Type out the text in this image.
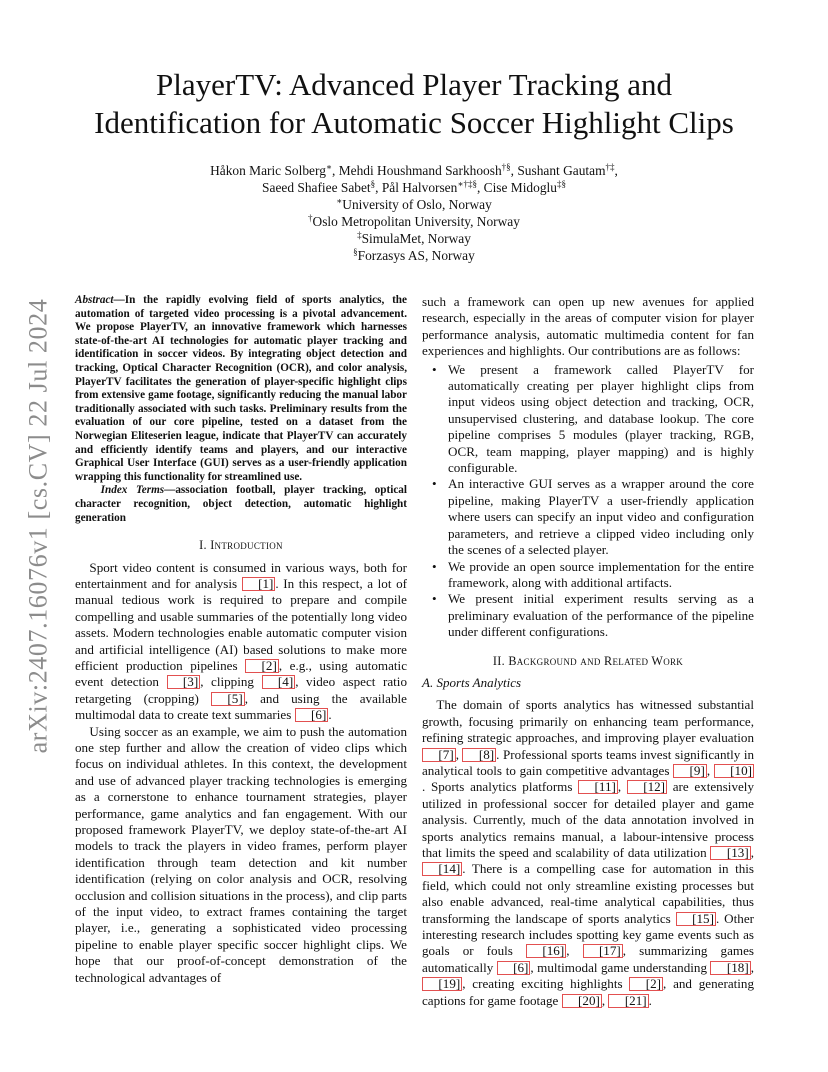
arXiv:2407.16076v1 [cs.CV] 22 Jul 2024
PlayerTV: Advanced Player Tracking and
Identification for Automatic Soccer Highlight Clips
Håkon Maric Solberg∗, Mehdi Houshmand Sarkhoosh†§, Sushant Gautam†‡,
Saeed Shafiee Sabet§, Pål Halvorsen∗†‡§, Cise Midoglu‡§
∗University of Oslo, Norway
†Oslo Metropolitan University, Norway
‡SimulaMet, Norway
§Forzasys AS, Norway

Abstract—In the rapidly evolving field of sports analytics, the automation of targeted video processing is a pivotal advancement. We propose PlayerTV, an innovative framework which harnesses state-of-the-art AI technologies for automatic player tracking and identification in soccer videos. By integrating object detection and tracking, Optical Character Recognition (OCR), and color analysis, PlayerTV facilitates the generation of player-specific highlight clips from extensive game footage, significantly reducing the manual labor traditionally associated with such tasks. Preliminary results from the evaluation of our core pipeline, tested on a dataset from the Norwegian Eliteserien league, indicate that PlayerTV can accurately and efficiently identify teams and players, and our interactive Graphical User Interface (GUI) serves as a user-friendly application wrapping this functionality for streamlined use.

Index Terms—association football, player tracking, optical character recognition, object detection, automatic highlight generation

I. Introduction

Sport video content is consumed in various ways, both for entertainment and for analysis [1] . In this respect, a lot of manual tedious work is required to prepare and compile compelling and usable summaries of the potentially long video assets. Modern technologies enable automatic computer vision and artificial intelligence (AI) based solutions to make more efficient production pipelines [2] , e.g., using automatic event detection [3] , clipping [4] , video aspect ratio retargeting (cropping) [5] , and using the available multimodal data to create text summaries [6] .

Using soccer as an example, we aim to push the automation one step further and allow the creation of video clips which focus on individual athletes. In this context, the development and use of advanced player tracking technologies is emerging as a cornerstone to enhance tournament strategies, player performance, game analytics and fan engagement. With our proposed framework PlayerTV, we deploy state-of-the-art AI models to track the players in video frames, perform player identification through team detection and kit number identification (relying on color analysis and OCR, resolving occlusion and collision situations in the process), and clip parts of the input video, to extract frames containing the target player, i.e., generating a sophisticated video processing pipeline to enable player specific soccer highlight clips. We hope that our proof-of-concept demonstration of the technological advantages of

such a framework can open up new avenues for applied research, especially in the areas of computer vision for player performance analysis, automatic multimedia content for fan experiences and highlights. Our contributions are as follows:

• We present a framework called PlayerTV for automatically creating per player highlight clips from input videos using object detection and tracking, OCR, unsupervised clustering, and database lookup. The core pipeline comprises 5 modules (player tracking, RGB, OCR, team mapping, player mapping) and is highly configurable.
• An interactive GUI serves as a wrapper around the core pipeline, making PlayerTV a user-friendly application where users can specify an input video and configuration parameters, and retrieve a clipped video including only the scenes of a selected player.
• We provide an open source implementation for the entire framework, along with additional artifacts.
• We present initial experiment results serving as a preliminary evaluation of the performance of the pipeline under different configurations.
II. Background and Related Work
A. Sports Analytics

The domain of sports analytics has witnessed substantial growth, focusing primarily on enhancing team performance, refining strategic approaches, and improving player evaluation [7] , [8] . Professional sports teams invest significantly in analytical tools to gain competitive advantages [9] , [10]. Sports analytics platforms [11] , [12] are extensively utilized in professional soccer for detailed player and game analysis. Currently, much of the data annotation involved in sports analytics remains manual, a labour-intensive process that limits the speed and scalability of data utilization [13] , [14] . There is a compelling case for automation in this field, which could not only streamline existing processes but also enable advanced, real-time analytical capabilities, thus transforming the landscape of sports analytics [15] . Other interesting research includes spotting key game events such as goals or fouls [16] , [17] , summarizing games automatically [6] , multimodal game understanding [18] , [19] , creating exciting highlights [2] , and generating captions for game footage [20] , [21] .
